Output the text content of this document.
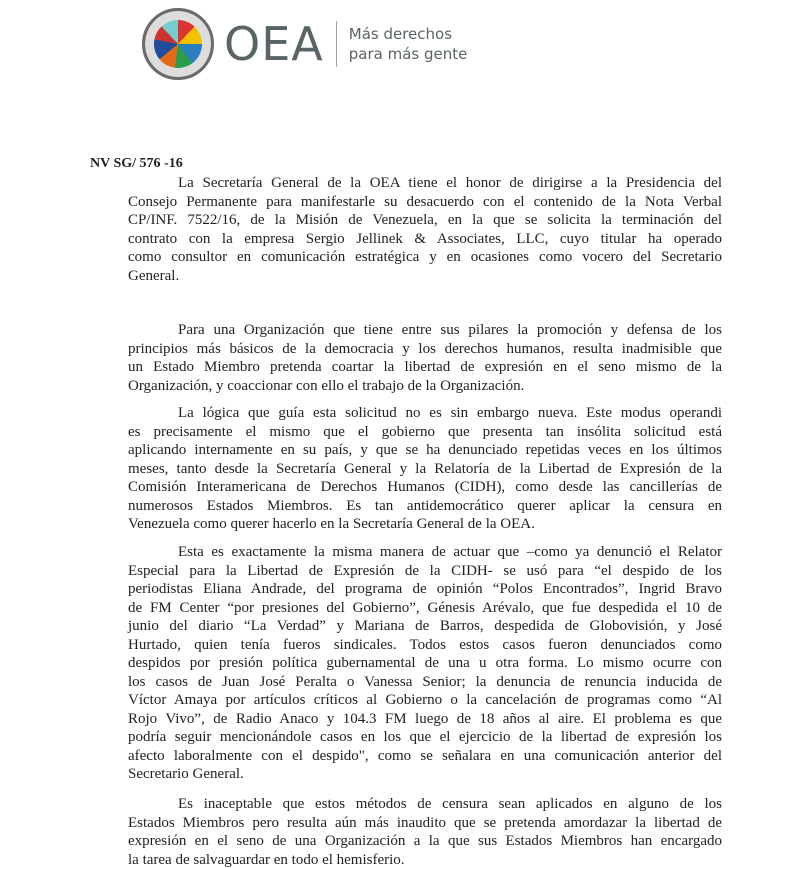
OEA Más derechos
para más gente
NV SG/ 576 -16
La Secretaría General de la OEA tiene el honor de dirigirse a la Presidencia del
Consejo Permanente para manifestarle su desacuerdo con el contenido de la Nota Verbal
CP/INF. 7522/16, de la Misión de Venezuela, en la que se solicita la terminación del
contrato con la empresa Sergio Jellinek & Associates, LLC, cuyo titular ha operado
como consultor en comunicación estratégica y en ocasiones como vocero del Secretario
General.
Para una Organización que tiene entre sus pilares la promoción y defensa de los
principios más básicos de la democracia y los derechos humanos, resulta inadmisible que
un Estado Miembro pretenda coartar la libertad de expresión en el seno mismo de la
Organización, y coaccionar con ello el trabajo de la Organización.
La lógica que guía esta solicitud no es sin embargo nueva. Este modus operandi
es precisamente el mismo que el gobierno que presenta tan insólita solicitud está
aplicando internamente en su país, y que se ha denunciado repetidas veces en los últimos
meses, tanto desde la Secretaría General y la Relatoría de la Libertad de Expresión de la
Comisión Interamericana de Derechos Humanos (CIDH), como desde las cancillerías de
numerosos Estados Miembros. Es tan antidemocrático querer aplicar la censura en
Venezuela como querer hacerlo en la Secretaría General de la OEA.
Esta es exactamente la misma manera de actuar que –como ya denunció el Relator
Especial para la Libertad de Expresión de la CIDH- se usó para “el despido de los
periodistas Eliana Andrade, del programa de opinión “Polos Encontrados”, Ingrid Bravo
de FM Center “por presiones del Gobierno”, Génesis Arévalo, que fue despedida el 10 de
junio del diario “La Verdad” y Mariana de Barros, despedida de Globovisión, y José
Hurtado, quien tenía fueros sindicales. Todos estos casos fueron denunciados como
despidos por presión política gubernamental de una u otra forma. Lo mismo ocurre con
los casos de Juan José Peralta o Vanessa Senior; la denuncia de renuncia inducida de
Víctor Amaya por artículos críticos al Gobierno o la cancelación de programas como “Al
Rojo Vivo”, de Radio Anaco y 104.3 FM luego de 18 años al aire. El problema es que
podría seguir mencionándole casos en los que el ejercicio de la libertad de expresión los
afecto laboralmente con el despido", como se señalara en una comunicación anterior del
Secretario General.
Es inaceptable que estos métodos de censura sean aplicados en alguno de los
Estados Miembros pero resulta aún más inaudito que se pretenda amordazar la libertad de
expresión en el seno de una Organización a la que sus Estados Miembros han encargado
la tarea de salvaguardar en todo el hemisferio.
